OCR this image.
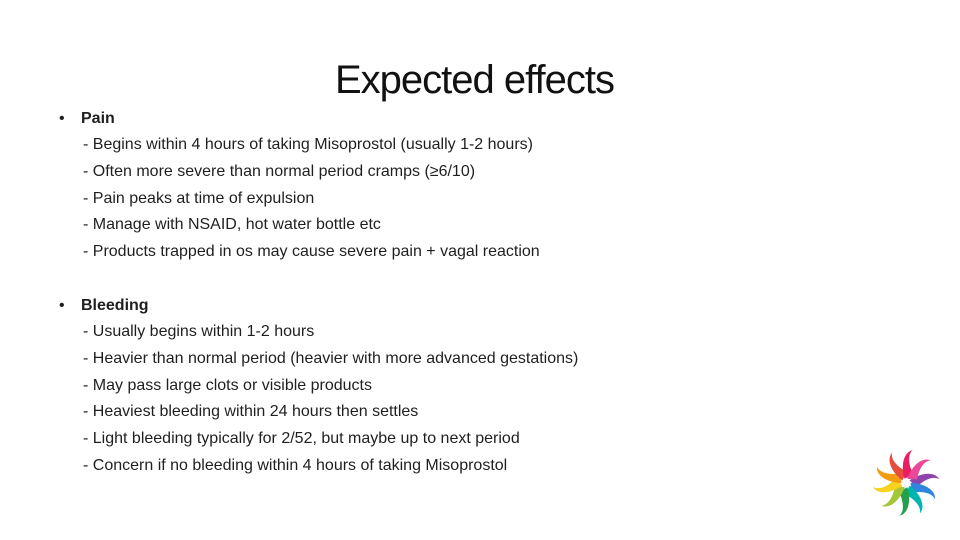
Expected effects
•	Pain
- Begins within 4 hours of taking Misoprostol (usually 1-2 hours)
- Often more severe than normal period cramps (≥6/10)
- Pain peaks at time of expulsion
- Manage with NSAID, hot water bottle etc
- Products trapped in os may cause severe pain + vagal reaction
•	Bleeding
- Usually begins within 1-2 hours
- Heavier than normal period (heavier with more advanced gestations)
- May pass large clots or visible products
- Heaviest bleeding within 24 hours then settles
- Light bleeding typically for 2/52, but maybe up to next period
- Concern if no bleeding within 4 hours of taking Misoprostol
